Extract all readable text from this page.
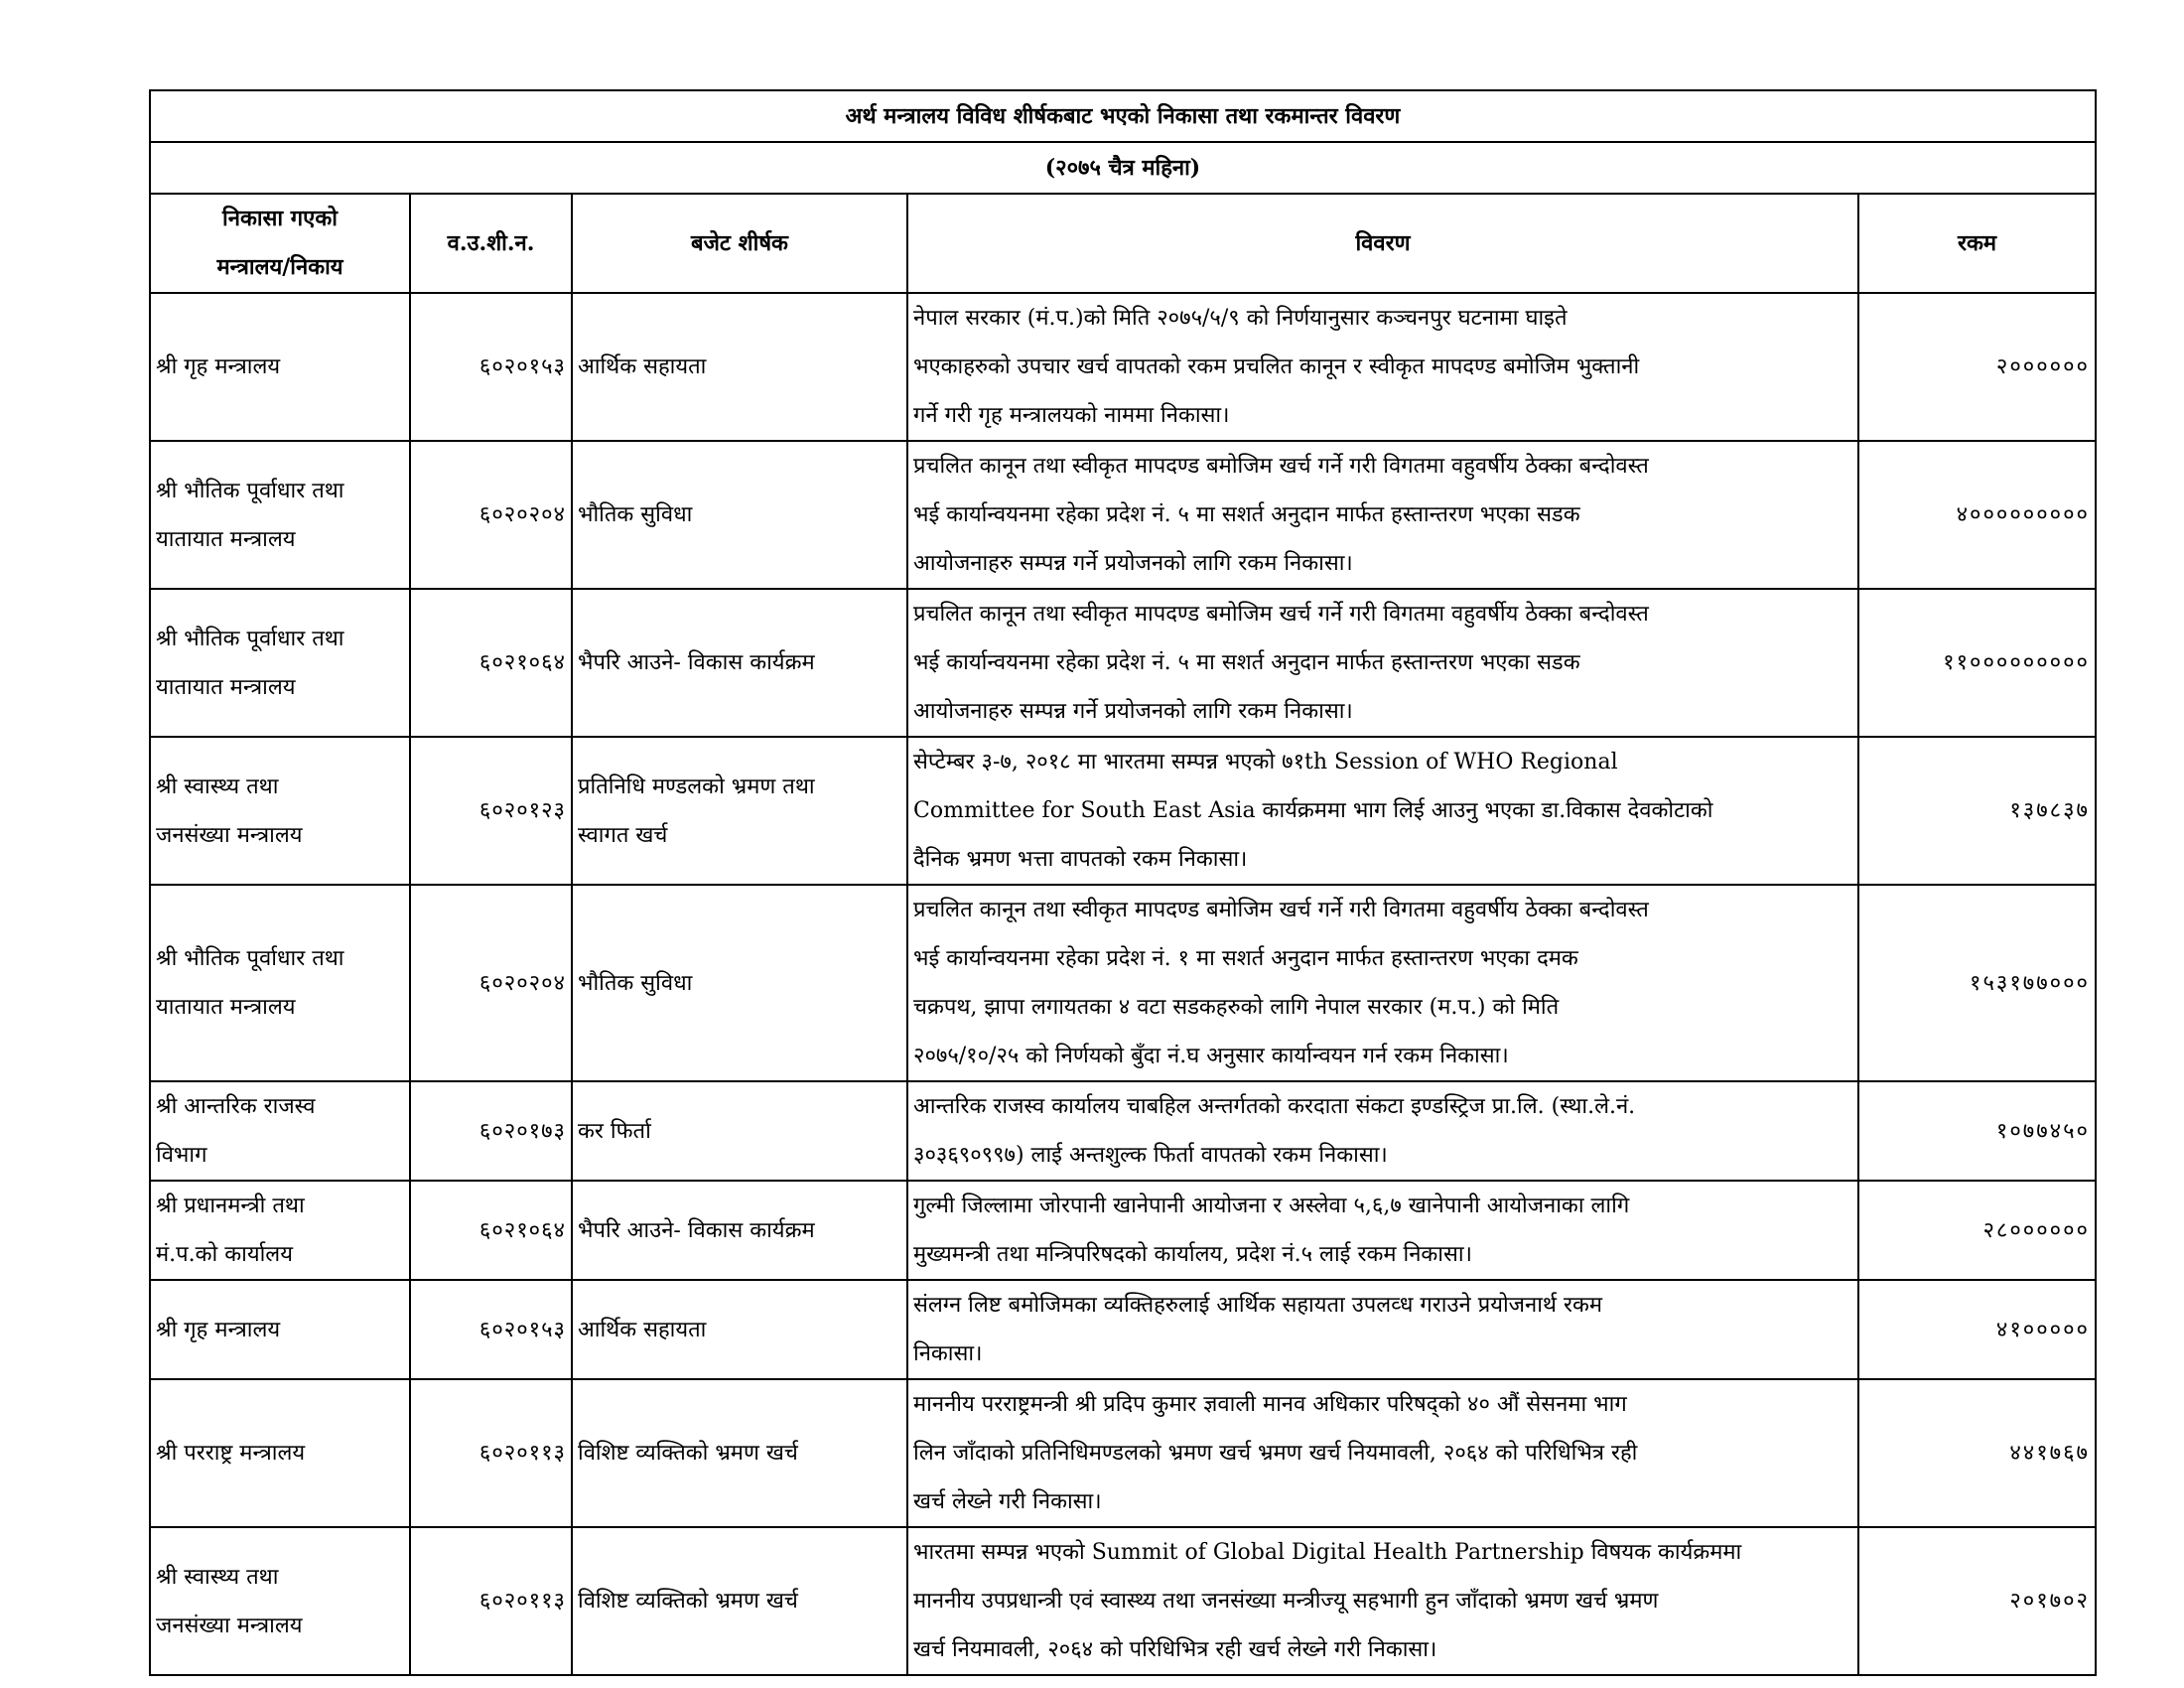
अर्थ मन्त्रालय विविध शीर्षकबाट भएको निकासा तथा रकमान्तर विवरण				
(२०७५ चैत्र महिना)				

निकासा गएको
मन्त्रालय/निकाय	व.उ.शी.न.	बजेट शीर्षक	विवरण	रकम

श्री गृह मन्त्रालय	६०२०१५३	आर्थिक सहायता	नेपाल सरकार (मं.प.)को मिति २०७५/५/९ को निर्णयानुसार कञ्चनपुर घटनामा घाइते
भएकाहरुको उपचार खर्च वापतको रकम प्रचलित कानून र स्वीकृत मापदण्ड बमोजिम भुक्तानी
गर्ने गरी गृह मन्त्रालयको नाममा निकासा।	२००००००

श्री भौतिक पूर्वाधार तथा
यातायात मन्त्रालय	६०२०२०४	भौतिक सुविधा	प्रचलित कानून तथा स्वीकृत मापदण्ड बमोजिम खर्च गर्ने गरी विगतमा वहुवर्षीय ठेक्का बन्दोवस्त
भई कार्यान्वयनमा रहेका प्रदेश नं. ५ मा सशर्त अनुदान मार्फत हस्तान्तरण भएका सडक
आयोजनाहरु सम्पन्न गर्ने प्रयोजनको लागि रकम निकासा।	४०००००००००

श्री भौतिक पूर्वाधार तथा
यातायात मन्त्रालय	६०२१०६४	भैपरि आउने- विकास कार्यक्रम	प्रचलित कानून तथा स्वीकृत मापदण्ड बमोजिम खर्च गर्ने गरी विगतमा वहुवर्षीय ठेक्का बन्दोवस्त
भई कार्यान्वयनमा रहेका प्रदेश नं. ५ मा सशर्त अनुदान मार्फत हस्तान्तरण भएका सडक
आयोजनाहरु सम्पन्न गर्ने प्रयोजनको लागि रकम निकासा।	११०००००००००

श्री स्वास्थ्य तथा
जनसंख्या मन्त्रालय	६०२०१२३	प्रतिनिधि मण्डलको भ्रमण तथा
स्वागत खर्च	सेप्टेम्बर ३-७, २०१८ मा भारतमा सम्पन्न भएको ७१th Session of WHO Regional
Committee for South East Asia कार्यक्रममा भाग लिई आउनु भएका डा.विकास देवकोटाको
दैनिक भ्रमण भत्ता वापतको रकम निकासा।	१३७८३७

श्री भौतिक पूर्वाधार तथा
यातायात मन्त्रालय	६०२०२०४	भौतिक सुविधा	प्रचलित कानून तथा स्वीकृत मापदण्ड बमोजिम खर्च गर्ने गरी विगतमा वहुवर्षीय ठेक्का बन्दोवस्त
भई कार्यान्वयनमा रहेका प्रदेश नं. १ मा सशर्त अनुदान मार्फत हस्तान्तरण भएका दमक
चक्रपथ, झापा लगायतका ४ वटा सडकहरुको लागि नेपाल सरकार (म.प.) को मिति
२०७५/१०/२५ को निर्णयको बुँदा नं.घ अनुसार कार्यान्वयन गर्न रकम निकासा।	१५३१७७०००

श्री आन्तरिक राजस्व
विभाग	६०२०१७३	कर फिर्ता	आन्तरिक राजस्व कार्यालय चाबहिल अन्तर्गतको करदाता संकटा इण्डस्ट्रिज प्रा.लि. (स्था.ले.नं.
३०३६९०९९७) लाई अन्तशुल्क फिर्ता वापतको रकम निकासा।	१०७७४५०

श्री प्रधानमन्त्री तथा
मं.प.को कार्यालय	६०२१०६४	भैपरि आउने- विकास कार्यक्रम	गुल्मी जिल्लामा जोरपानी खानेपानी आयोजना र अस्लेवा ५,६,७ खानेपानी आयोजनाका लागि
मुख्यमन्त्री तथा मन्त्रिपरिषदको कार्यालय, प्रदेश नं.५ लाई रकम निकासा।	२८००००००

श्री गृह मन्त्रालय	६०२०१५३	आर्थिक सहायता	संलग्न लिष्ट बमोजिमका व्यक्तिहरुलाई आर्थिक सहायता उपलव्ध गराउने प्रयोजनार्थ रकम
निकासा।	४१०००००

श्री परराष्ट्र मन्त्रालय	६०२०११३	विशिष्ट व्यक्तिको भ्रमण खर्च	माननीय परराष्ट्रमन्त्री श्री प्रदिप कुमार ज्ञवाली मानव अधिकार परिषद्को ४० औं सेसनमा भाग
लिन जाँदाको प्रतिनिधिमण्डलको भ्रमण खर्च भ्रमण खर्च नियमावली, २०६४ को परिधिभित्र रही
खर्च लेख्ने गरी निकासा।	४४१७६७

श्री स्वास्थ्य तथा
जनसंख्या मन्त्रालय	६०२०११३	विशिष्ट व्यक्तिको भ्रमण खर्च	भारतमा सम्पन्न भएको Summit of Global Digital Health Partnership विषयक कार्यक्रममा
माननीय उपप्रधान्त्री एवं स्वास्थ्य तथा जनसंख्या मन्त्रीज्यू सहभागी हुन जाँदाको भ्रमण खर्च भ्रमण
खर्च नियमावली, २०६४ को परिधिभित्र रही खर्च लेख्ने गरी निकासा।	२०१७०२
